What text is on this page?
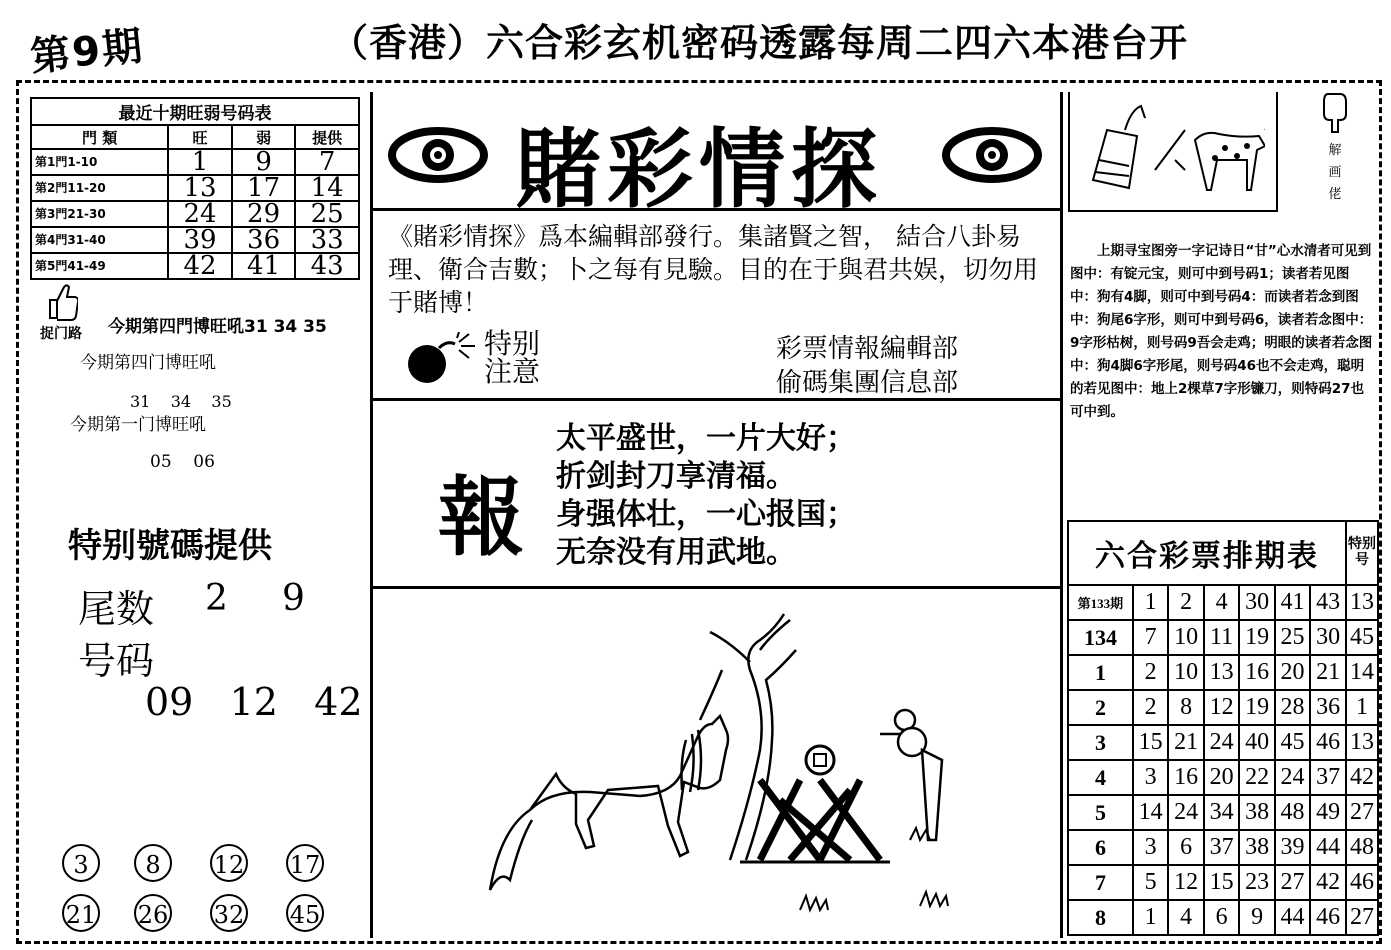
第9期	（香港）六合彩玄机密码透露每周二四六本港台开
最近十期旺弱号码表			
門 類	旺	弱	提供
第1門1-10	1	9	7
第2門11-20	13	17	14
第3門21-30	24	29	25
第4門31-40	39	36	33
第5門41-49	42	41	43
捉门路 今期第四門博旺吼31 34 35
今期第四门博旺吼
31    34    35
今期第一门博旺吼
05    06
特别號碼提供
尾数 2 9
号码
09   12   42
3	8	12 17
21 26 32 45
賭彩情探
《賭彩情探》爲本編輯部發行。集諸賢之智， 結合八卦易理、衛合吉數；卜之每有見驗。目的在于與君共娱，切勿用于賭博！
特别
注意
彩票情報編輯部
偷碼集團信息部
報
太平盛世，一片大好；
折剑封刀享清福。
身强体壮，一心报国；
无奈没有用武地。
解画佬
上期寻宝图旁一字记诗日“甘”心水清者可见到图中：有锭元宝，则可中到号码1；读者若见图中：狗有4脚，则可中到号码4：而读者若念到图中：狗尾6字形，则可中到号码6，读者若念图中：9字形枯树，则号码9吾会走鸡；明眼的读者若念图中：狗4脚6字形尾，则号码46也不会走鸡，聪明的若见图中：地上2棵草7字形镰刀，则特码27也可中到。
六合彩票排期表							特别号
第133期	1	2	4	30	41	43	13
134	7	10	11	19	25	30	45
1	2	10	13	16	20	21	14
2	2	8	12	19	28	36	1
3	15	21	24	40	45	46	13
4	3	16	20	22	24	37	42
5	14	24	34	38	48	49	27
6	3	6	37	38	39	44	48
7	5	12	15	23	27	42	46
8	1	4	6	9	44	46	27
